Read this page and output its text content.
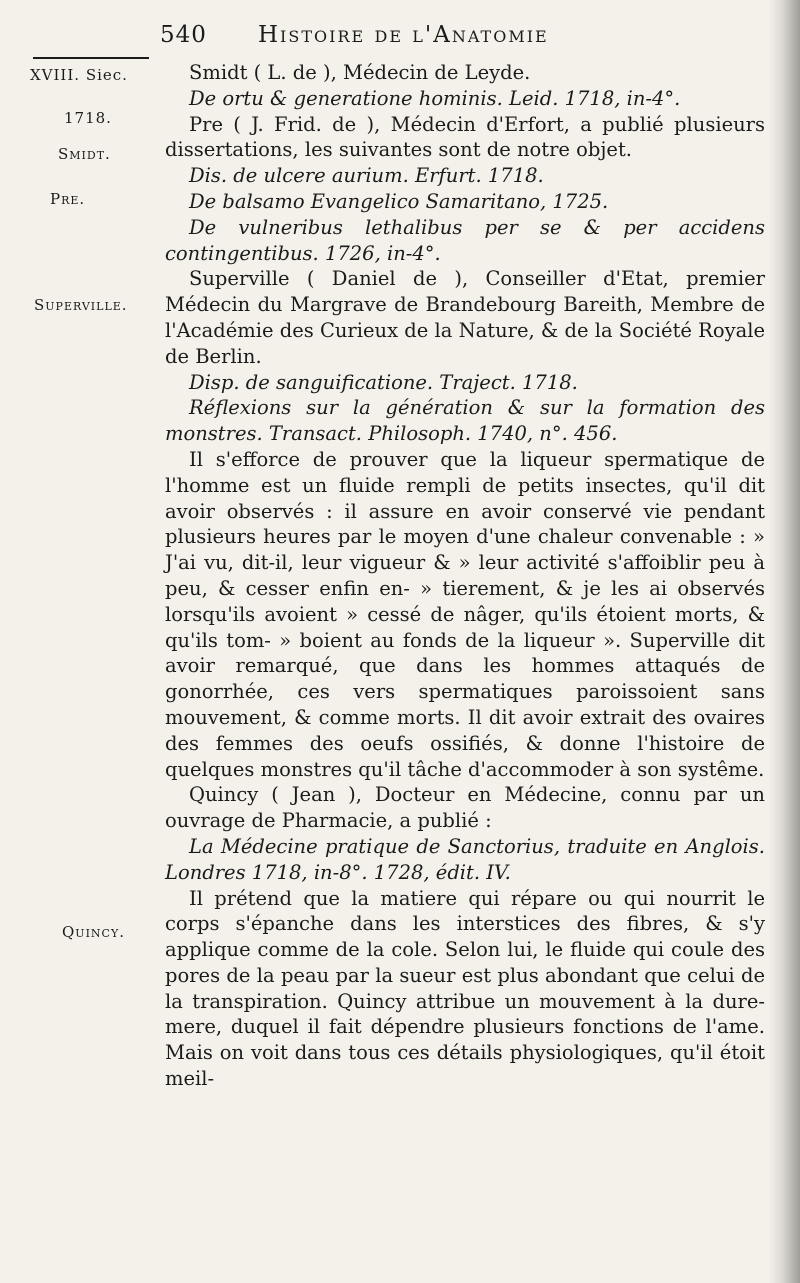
540 Histoire de l'Anatomie
XVIII. Siec.
1718.
Smidt.
Pre.
Superville.
Quincy.

Smidt ( L. de ), Médecin de Leyde.

De ortu & generatione hominis. Leid. 1718, in-4°.

Pre ( J. Frid. de ), Médecin d'Erfort, a publié plusieurs dissertations, les suivantes sont de notre objet.

Dis. de ulcere aurium. Erfurt. 1718.

De balsamo Evangelico Samaritano, 1725.

De vulneribus lethalibus per se & per accidens contingentibus. 1726, in-4°.

Superville ( Daniel de ), Conseiller d'Etat, premier Médecin du Margrave de Brandebourg Bareith, Membre de l'Académie des Curieux de la Nature, & de la Société Royale de Berlin.

Disp. de sanguificatione. Traject. 1718.

Réflexions sur la génération & sur la formation des monstres. Transact. Philosoph. 1740, n°. 456.

Il s'efforce de prouver que la liqueur spermatique de l'homme est un fluide rempli de petits insectes, qu'il dit avoir observés : il assure en avoir conservé vie pendant plusieurs heures par le moyen d'une chaleur convenable : » J'ai vu, dit-il, leur vigueur & » leur activité s'affoiblir peu à peu, & cesser enfin en- » tierement, & je les ai observés lorsqu'ils avoient » cessé de nâger, qu'ils étoient morts, & qu'ils tom- » boient au fonds de la liqueur ». Superville dit avoir remarqué, que dans les hommes attaqués de gonorrhée, ces vers spermatiques paroissoient sans mouvement, & comme morts. Il dit avoir extrait des ovaires des femmes des oeufs ossifiés, & donne l'histoire de quelques monstres qu'il tâche d'accommoder à son systême.

Quincy ( Jean ), Docteur en Médecine, connu par un ouvrage de Pharmacie, a publié :

La Médecine pratique de Sanctorius, traduite en Anglois. Londres 1718, in-8°. 1728, édit. IV.

Il prétend que la matiere qui répare ou qui nourrit le corps s'épanche dans les interstices des fibres, & s'y applique comme de la cole. Selon lui, le fluide qui coule des pores de la peau par la sueur est plus abondant que celui de la transpiration. Quincy attribue un mouvement à la dure-mere, duquel il fait dépendre plusieurs fonctions de l'ame. Mais on voit dans tous ces détails physiologiques, qu'il étoit meil-
